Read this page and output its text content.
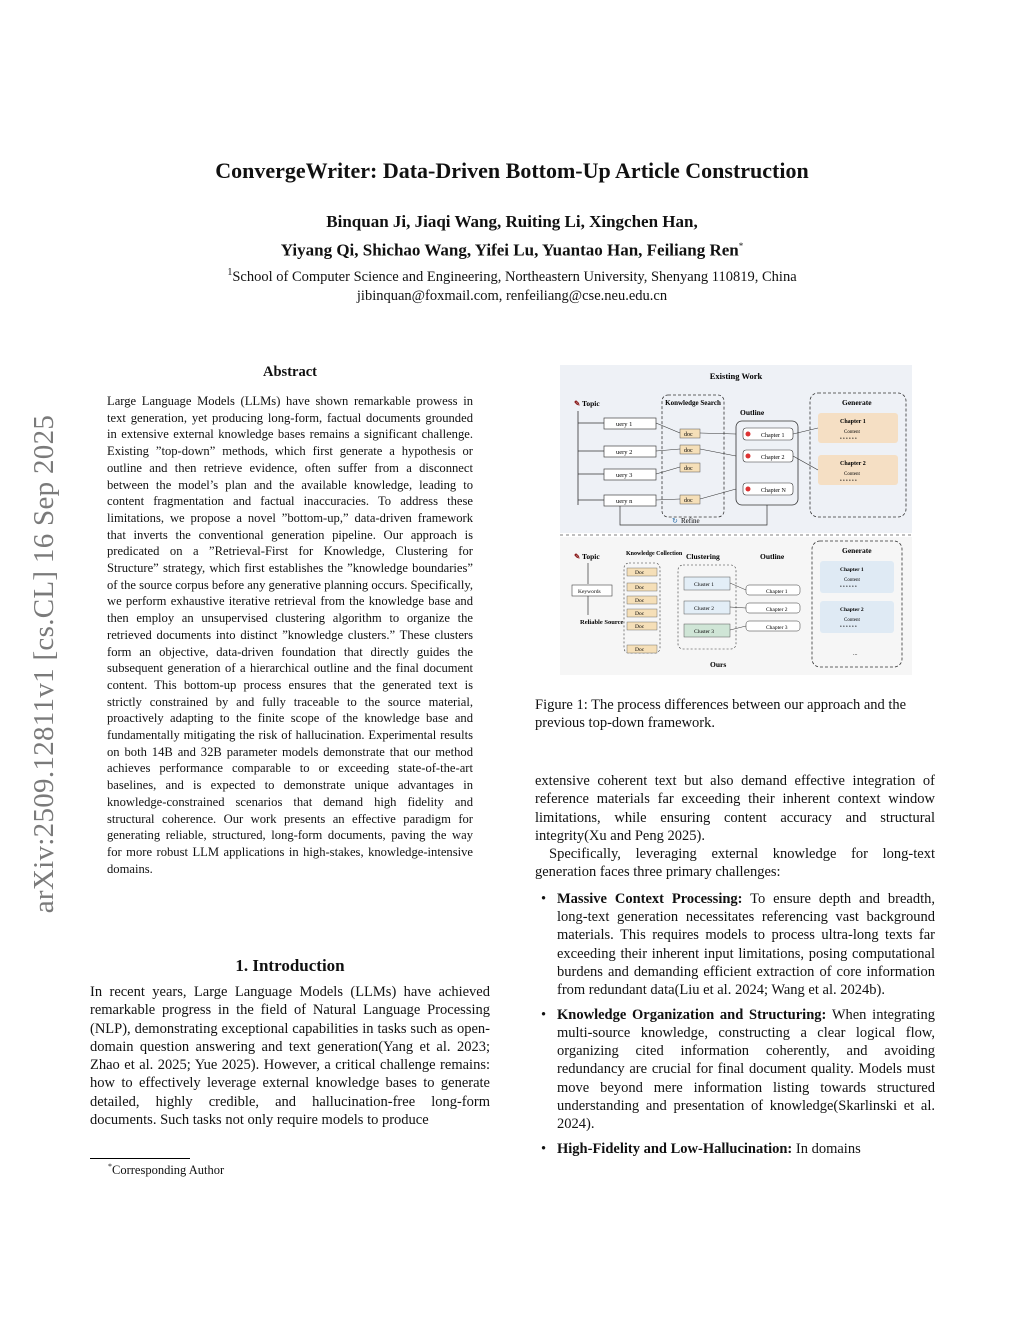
arXiv:2509.12811v1 [cs.CL] 16 Sep 2025
ConvergeWriter: Data-Driven Bottom-Up Article Construction
Binquan Ji, Jiaqi Wang, Ruiting Li, Xingchen Han,
Yiyang Qi, Shichao Wang, Yifei Lu, Yuantao Han, Feiliang Ren*
$^1$School of Computer Science and Engineering, Northeastern University, Shenyang 110819, China
jibinquan@foxmail.com, renfeiliang@cse.neu.edu.cn
Abstract
Large Language Models (LLMs) have shown remarkable prowess in text generation, yet producing long-form, factual documents grounded in extensive external knowledge bases remains a significant challenge. Existing ”top-down” methods, which first generate a hypothesis or outline and then retrieve evidence, often suffer from a disconnect between the model’s plan and the available knowledge, leading to content fragmentation and factual inaccuracies. To address these limitations, we propose a novel ”bottom-up,” data-driven framework that inverts the conventional generation pipeline. Our approach is predicated on a ”Retrieval-First for Knowledge, Clustering for Structure” strategy, which first establishes the ”knowledge boundaries” of the source corpus before any generative planning occurs. Specifically, we perform exhaustive iterative retrieval from the knowledge base and then employ an unsupervised clustering algorithm to organize the retrieved documents into distinct ”knowledge clusters.” These clusters form an objective, data-driven foundation that directly guides the subsequent generation of a hierarchical outline and the final document content. This bottom-up process ensures that the generated text is strictly constrained by and fully traceable to the source material, proactively adapting to the finite scope of the knowledge base and fundamentally mitigating the risk of hallucination. Experimental results on both 14B and 32B parameter models demonstrate that our method achieves performance comparable to or exceeding state-of-the-art baselines, and is expected to demonstrate unique advantages in knowledge-constrained scenarios that demand high fidelity and structural coherence. Our work presents an effective paradigm for generating reliable, structured, long-form documents, paving the way for more robust LLM applications in high-stakes, knowledge-intensive domains.
1. Introduction
In recent years, Large Language Models (LLMs) have achieved remarkable progress in the field of Natural Language Processing (NLP), demonstrating exceptional capabilities in tasks such as open-domain question answering and text generation(Yang et al. 2023; Zhao et al. 2025; Yue 2025). However, a critical challenge remains: how to effectively leverage external knowledge bases to generate detailed, highly credible, and hallucination-free long-form documents. Such tasks not only require models to produce
*Corresponding Author
Existing Work
✎ Topic
uery 1
uery 2
uery 3
uery n
Konwledge Search
doc
doc
doc
doc
Outline
Chapter 1
Chapter 2
Chapter N
Generate
Chapter 1
Content
• • • • • •
Chapter 2
Content
• • • • • •
↻ Refine
✎ Topic
Keywords
Reliable Source
Knowledge Collection
Doc
Doc
Doc
Doc
Doc
Doc
Clustering
Cluster 1
Cluster 2
Cluster 3
Outline
Chapter 1
Chapter 2
Chapter 3
Generate
Chapter 1
Content
• • • • • •
Chapter 2
Content
• • • • • •
...
Ours
Figure 1: The process differences between our approach and the previous top-down framework.

extensive coherent text but also demand effective integration of reference materials far exceeding their inherent context window limitations, while ensuring content accuracy and structural integrity(Xu and Peng 2025).

Specifically, leveraging external knowledge for long-text generation faces three primary challenges:

• Massive Context Processing: To ensure depth and breadth, long-text generation necessitates referencing vast background materials. This requires models to process ultra-long texts far exceeding their inherent input limitations, posing computational burdens and demanding efficient extraction of core information from redundant data(Liu et al. 2024; Wang et al. 2024b).
• Knowledge Organization and Structuring: When integrating multi-source knowledge, constructing a clear logical flow, organizing cited information coherently, and avoiding redundancy are crucial for final document quality. Models must move beyond mere information listing towards structured understanding and presentation of knowledge(Skarlinski et al. 2024).
• High-Fidelity and Low-Hallucination: In domains
